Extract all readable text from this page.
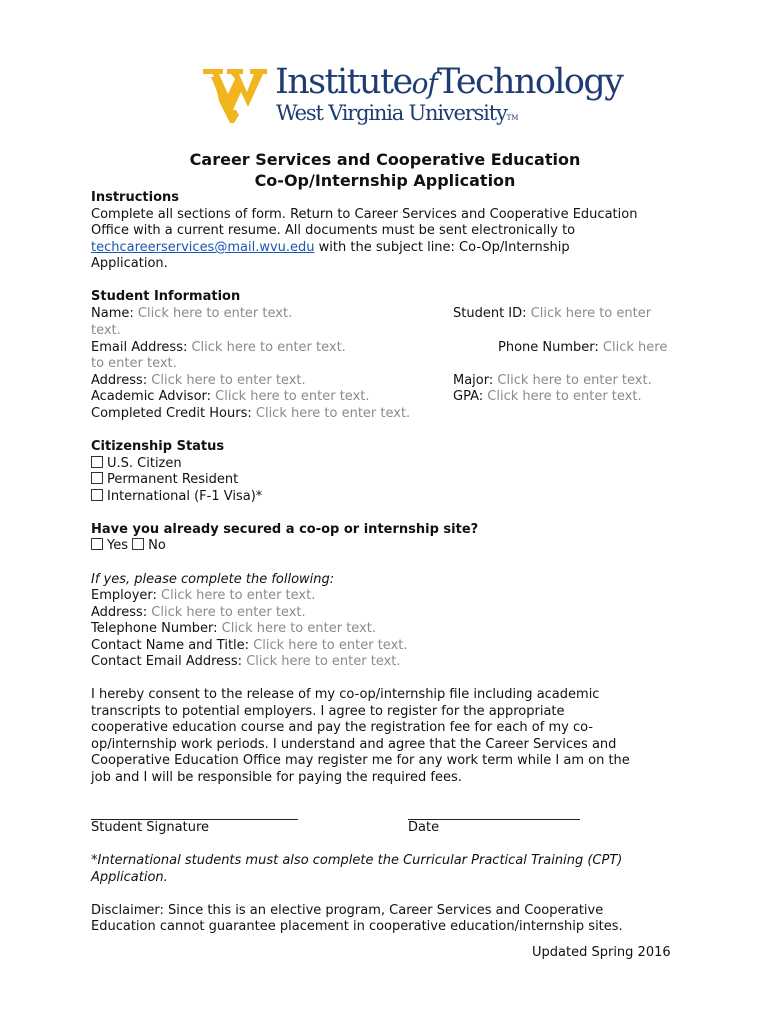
InstituteofTechnology
West Virginia UniversityTM
Career Services and Cooperative Education
Co-Op/Internship Application
Instructions
Complete all sections of form. Return to Career Services and Cooperative Education
Office with a current resume. All documents must be sent electronically to
techcareerservices@mail.wvu.edu with the subject line: Co-Op/Internship
Application.
Student Information
Name: Click here to enter text.	Student ID: Click here to enter
text.
Email Address: Click here to enter text.	Phone Number: Click here
to enter text.
Address: Click here to enter text.	Major: Click here to enter text.
Academic Advisor: Click here to enter text.	GPA: Click here to enter text.
Completed Credit Hours: Click here to enter text.
Citizenship Status
U.S. Citizen
Permanent Resident
International (F-1 Visa)*
Have you already secured a co-op or internship site?
Yes No
If yes, please complete the following:
Employer: Click here to enter text.
Address: Click here to enter text.
Telephone Number: Click here to enter text.
Contact Name and Title: Click here to enter text.
Contact Email Address: Click here to enter text.
I hereby consent to the release of my co-op/internship file including academic
transcripts to potential employers. I agree to register for the appropriate
cooperative education course and pay the registration fee for each of my co-
op/internship work periods. I understand and agree that the Career Services and
Cooperative Education Office may register me for any work term while I am on the
job and I will be responsible for paying the required fees.
Student Signature	Date
*International students must also complete the Curricular Practical Training (CPT)
Application.
Disclaimer: Since this is an elective program, Career Services and Cooperative
Education cannot guarantee placement in cooperative education/internship sites.
Updated Spring 2016
